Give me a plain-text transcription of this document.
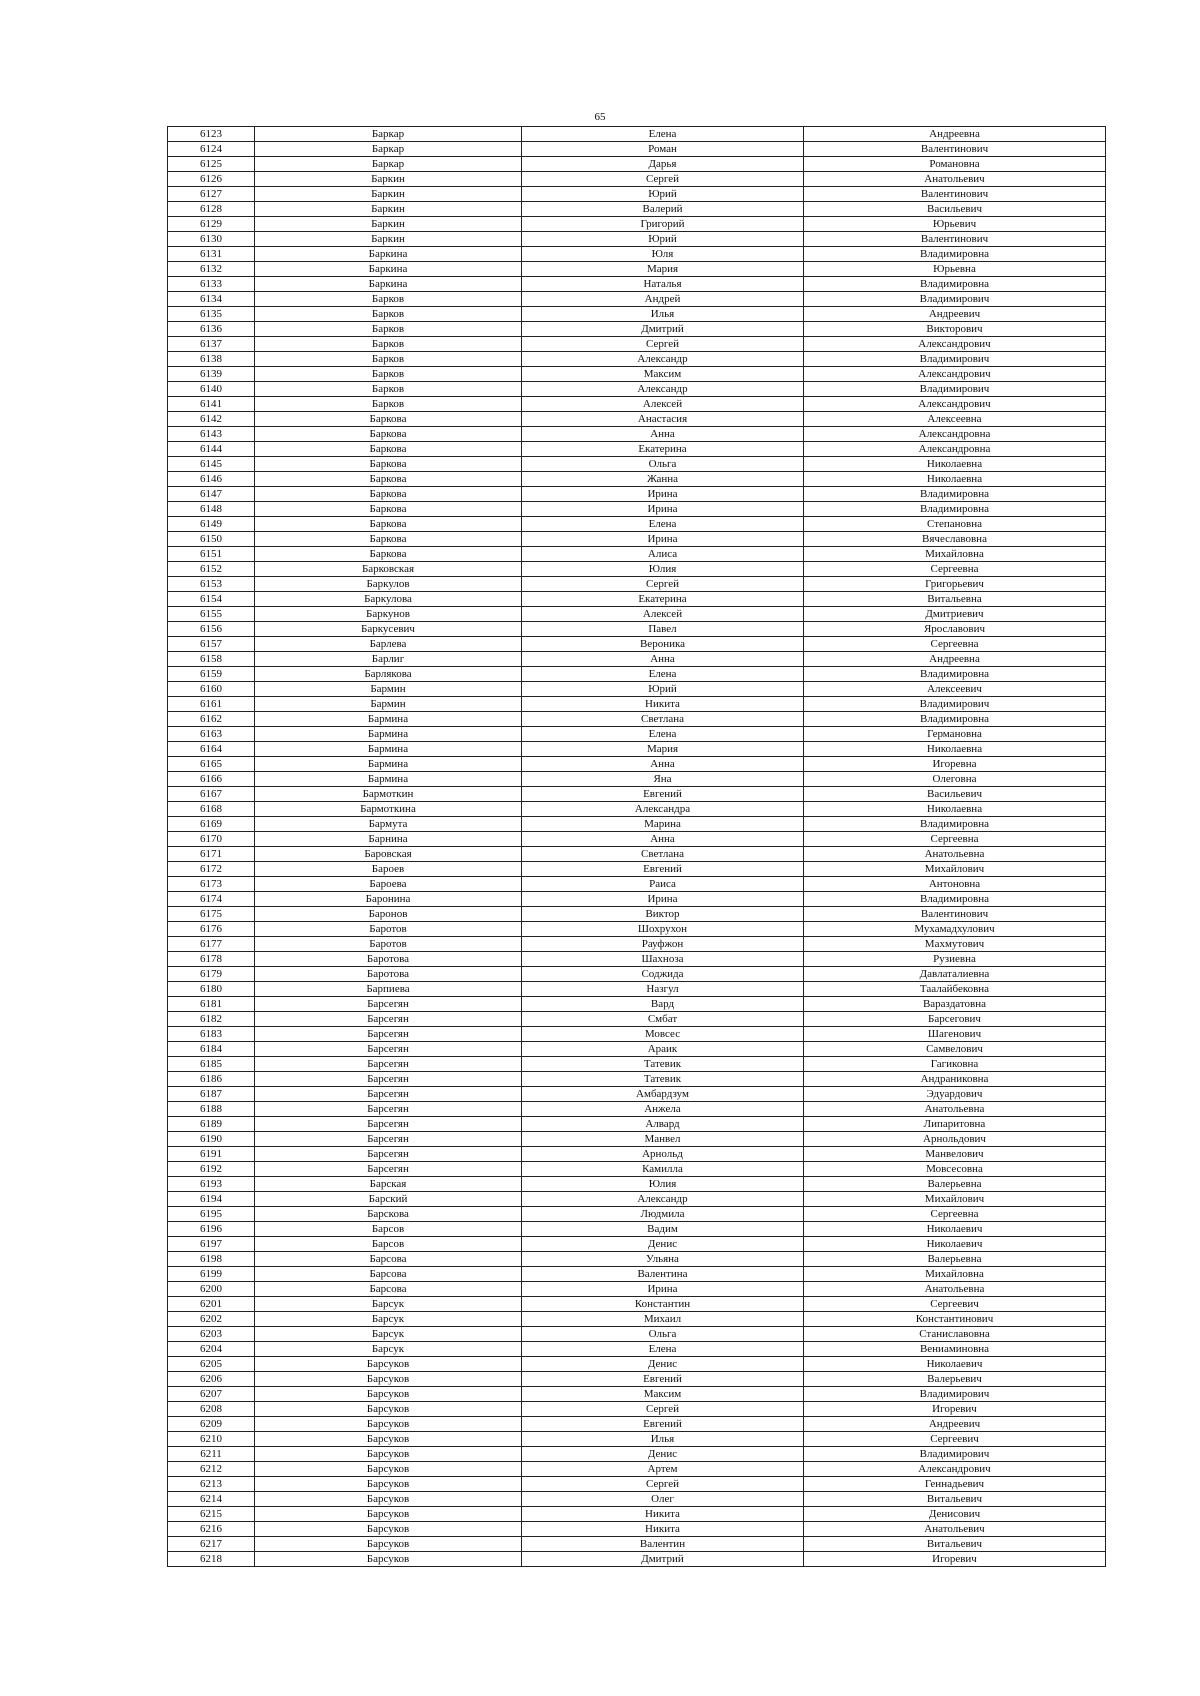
65
6123	Баркар	Елена	Андреевна
6124	Баркар	Роман	Валентинович
6125	Баркар	Дарья	Романовна
6126	Баркин	Сергей	Анатольевич
6127	Баркин	Юрий	Валентинович
6128	Баркин	Валерий	Васильевич
6129	Баркин	Григорий	Юрьевич
6130	Баркин	Юрий	Валентинович
6131	Баркина	Юля	Владимировна
6132	Баркина	Мария	Юрьевна
6133	Баркина	Наталья	Владимировна
6134	Барков	Андрей	Владимирович
6135	Барков	Илья	Андреевич
6136	Барков	Дмитрий	Викторович
6137	Барков	Сергей	Александрович
6138	Барков	Александр	Владимирович
6139	Барков	Максим	Александрович
6140	Барков	Александр	Владимирович
6141	Барков	Алексей	Александрович
6142	Баркова	Анастасия	Алексеевна
6143	Баркова	Анна	Александровна
6144	Баркова	Екатерина	Александровна
6145	Баркова	Ольга	Николаевна
6146	Баркова	Жанна	Николаевна
6147	Баркова	Ирина	Владимировна
6148	Баркова	Ирина	Владимировна
6149	Баркова	Елена	Степановна
6150	Баркова	Ирина	Вячеславовна
6151	Баркова	Алиса	Михайловна
6152	Барковская	Юлия	Сергеевна
6153	Баркулов	Сергей	Григорьевич
6154	Баркулова	Екатерина	Витальевна
6155	Баркунов	Алексей	Дмитриевич
6156	Баркусевич	Павел	Ярославович
6157	Барлева	Вероника	Сергеевна
6158	Барлиг	Анна	Андреевна
6159	Барлякова	Елена	Владимировна
6160	Бармин	Юрий	Алексеевич
6161	Бармин	Никита	Владимирович
6162	Бармина	Светлана	Владимировна
6163	Бармина	Елена	Германовна
6164	Бармина	Мария	Николаевна
6165	Бармина	Анна	Игоревна
6166	Бармина	Яна	Олеговна
6167	Бармоткин	Евгений	Васильевич
6168	Бармоткина	Александра	Николаевна
6169	Бармута	Марина	Владимировна
6170	Барнина	Анна	Сергеевна
6171	Баровская	Светлана	Анатольевна
6172	Бароев	Евгений	Михайлович
6173	Бароева	Раиса	Антоновна
6174	Баронина	Ирина	Владимировна
6175	Баронов	Виктор	Валентинович
6176	Баротов	Шохрухон	Мухамадхулович
6177	Баротов	Рауфжон	Махмутович
6178	Баротова	Шахноза	Рузиевна
6179	Баротова	Соджида	Давлаталиевна
6180	Барпиева	Назгул	Таалайбековна
6181	Барсегян	Вард	Вараздатовна
6182	Барсегян	Смбат	Барсегович
6183	Барсегян	Мовсес	Шагенович
6184	Барсегян	Араик	Самвелович
6185	Барсегян	Татевик	Гагиковна
6186	Барсегян	Татевик	Андраниковна
6187	Барсегян	Амбардзум	Эдуардович
6188	Барсегян	Анжела	Анатольевна
6189	Барсегян	Алвард	Липаритовна
6190	Барсегян	Манвел	Арнольдович
6191	Барсегян	Арнольд	Манвелович
6192	Барсегян	Камилла	Мовсесовна
6193	Барская	Юлия	Валерьевна
6194	Барский	Александр	Михайлович
6195	Барскова	Людмила	Сергеевна
6196	Барсов	Вадим	Николаевич
6197	Барсов	Денис	Николаевич
6198	Барсова	Ульяна	Валерьевна
6199	Барсова	Валентина	Михайловна
6200	Барсова	Ирина	Анатольевна
6201	Барсук	Константин	Сергеевич
6202	Барсук	Михаил	Константинович
6203	Барсук	Ольга	Станиславовна
6204	Барсук	Елена	Вениаминовна
6205	Барсуков	Денис	Николаевич
6206	Барсуков	Евгений	Валерьевич
6207	Барсуков	Максим	Владимирович
6208	Барсуков	Сергей	Игоревич
6209	Барсуков	Евгений	Андреевич
6210	Барсуков	Илья	Сергеевич
6211	Барсуков	Денис	Владимирович
6212	Барсуков	Артем	Александрович
6213	Барсуков	Сергей	Геннадьевич
6214	Барсуков	Олег	Витальевич
6215	Барсуков	Никита	Денисович
6216	Барсуков	Никита	Анатольевич
6217	Барсуков	Валентин	Витальевич
6218	Барсуков	Дмитрий	Игоревич
